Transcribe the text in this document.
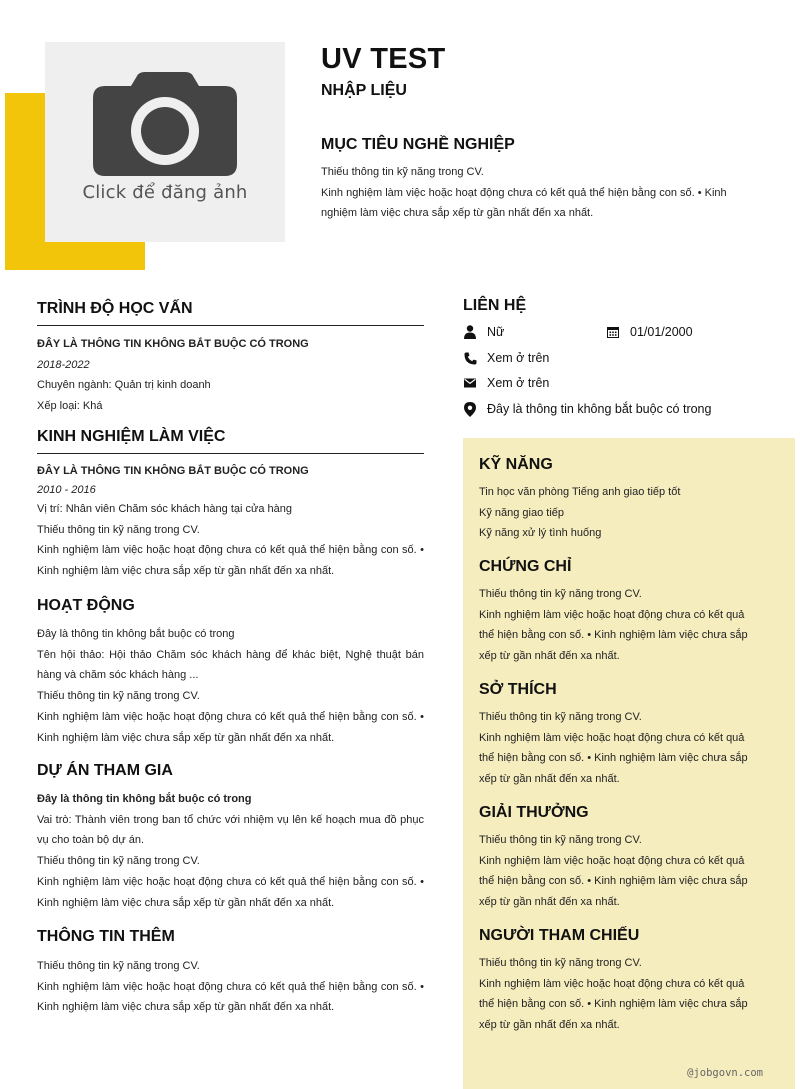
Click để đăng ảnh
UV TEST
NHẬP LIỆU
MỤC TIÊU NGHỀ NGHIỆP
Thiếu thông tin kỹ năng trong CV.
Kinh nghiệm làm việc hoặc hoạt động chưa có kết quả thể hiện bằng con số. • Kinh nghiệm làm việc chưa sắp xếp từ gần nhất đến xa nhất.
TRÌNH ĐỘ HỌC VẤN
ĐÂY LÀ THÔNG TIN KHÔNG BẮT BUỘC CÓ TRONG
2018-2022
Chuyên ngành: Quản trị kinh doanh
Xếp loại: Khá
KINH NGHIỆM LÀM VIỆC
ĐÂY LÀ THÔNG TIN KHÔNG BẮT BUỘC CÓ TRONG
2010 - 2016
Vị trí: Nhân viên Chăm sóc khách hàng tại cửa hàng
Thiếu thông tin kỹ năng trong CV.
Kinh nghiệm làm việc hoặc hoạt động chưa có kết quả thể hiện bằng con số. • Kinh nghiệm làm việc chưa sắp xếp từ gần nhất đến xa nhất.
HOẠT ĐỘNG
Đây là thông tin không bắt buộc có trong
Tên hội thảo: Hội thảo Chăm sóc khách hàng để khác biệt, Nghệ thuật bán hàng và chăm sóc khách hàng ...
Thiếu thông tin kỹ năng trong CV.
Kinh nghiệm làm việc hoặc hoạt động chưa có kết quả thể hiện bằng con số. • Kinh nghiệm làm việc chưa sắp xếp từ gần nhất đến xa nhất.
DỰ ÁN THAM GIA
Đây là thông tin không bắt buộc có trong
Vai trò: Thành viên trong ban tổ chức với nhiệm vụ lên kế hoạch mua đồ phục vụ cho toàn bộ dự án.
Thiếu thông tin kỹ năng trong CV.
Kinh nghiệm làm việc hoặc hoạt động chưa có kết quả thể hiện bằng con số. • Kinh nghiệm làm việc chưa sắp xếp từ gần nhất đến xa nhất.
THÔNG TIN THÊM
Thiếu thông tin kỹ năng trong CV.
Kinh nghiệm làm việc hoặc hoạt động chưa có kết quả thể hiện bằng con số. • Kinh nghiệm làm việc chưa sắp xếp từ gần nhất đến xa nhất.
LIÊN HỆ
Nữ	01/01/2000
Xem ở trên
Xem ở trên
Đây là thông tin không bắt buộc có trong
KỸ NĂNG
Tin học văn phòng Tiếng anh giao tiếp tốt
Kỹ năng giao tiếp
Kỹ năng xử lý tình huống
CHỨNG CHỈ
Thiếu thông tin kỹ năng trong CV.
Kinh nghiệm làm việc hoặc hoạt động chưa có kết quả thể hiện bằng con số. • Kinh nghiệm làm việc chưa sắp xếp từ gần nhất đến xa nhất.
SỞ THÍCH
Thiếu thông tin kỹ năng trong CV.
Kinh nghiệm làm việc hoặc hoạt động chưa có kết quả thể hiện bằng con số. • Kinh nghiệm làm việc chưa sắp xếp từ gần nhất đến xa nhất.
GIẢI THƯỞNG
Thiếu thông tin kỹ năng trong CV.
Kinh nghiệm làm việc hoặc hoạt động chưa có kết quả thể hiện bằng con số. • Kinh nghiệm làm việc chưa sắp xếp từ gần nhất đến xa nhất.
NGƯỜI THAM CHIẾU
Thiếu thông tin kỹ năng trong CV.
Kinh nghiệm làm việc hoặc hoạt động chưa có kết quả thể hiện bằng con số. • Kinh nghiệm làm việc chưa sắp xếp từ gần nhất đến xa nhất.
@jobgovn.com
